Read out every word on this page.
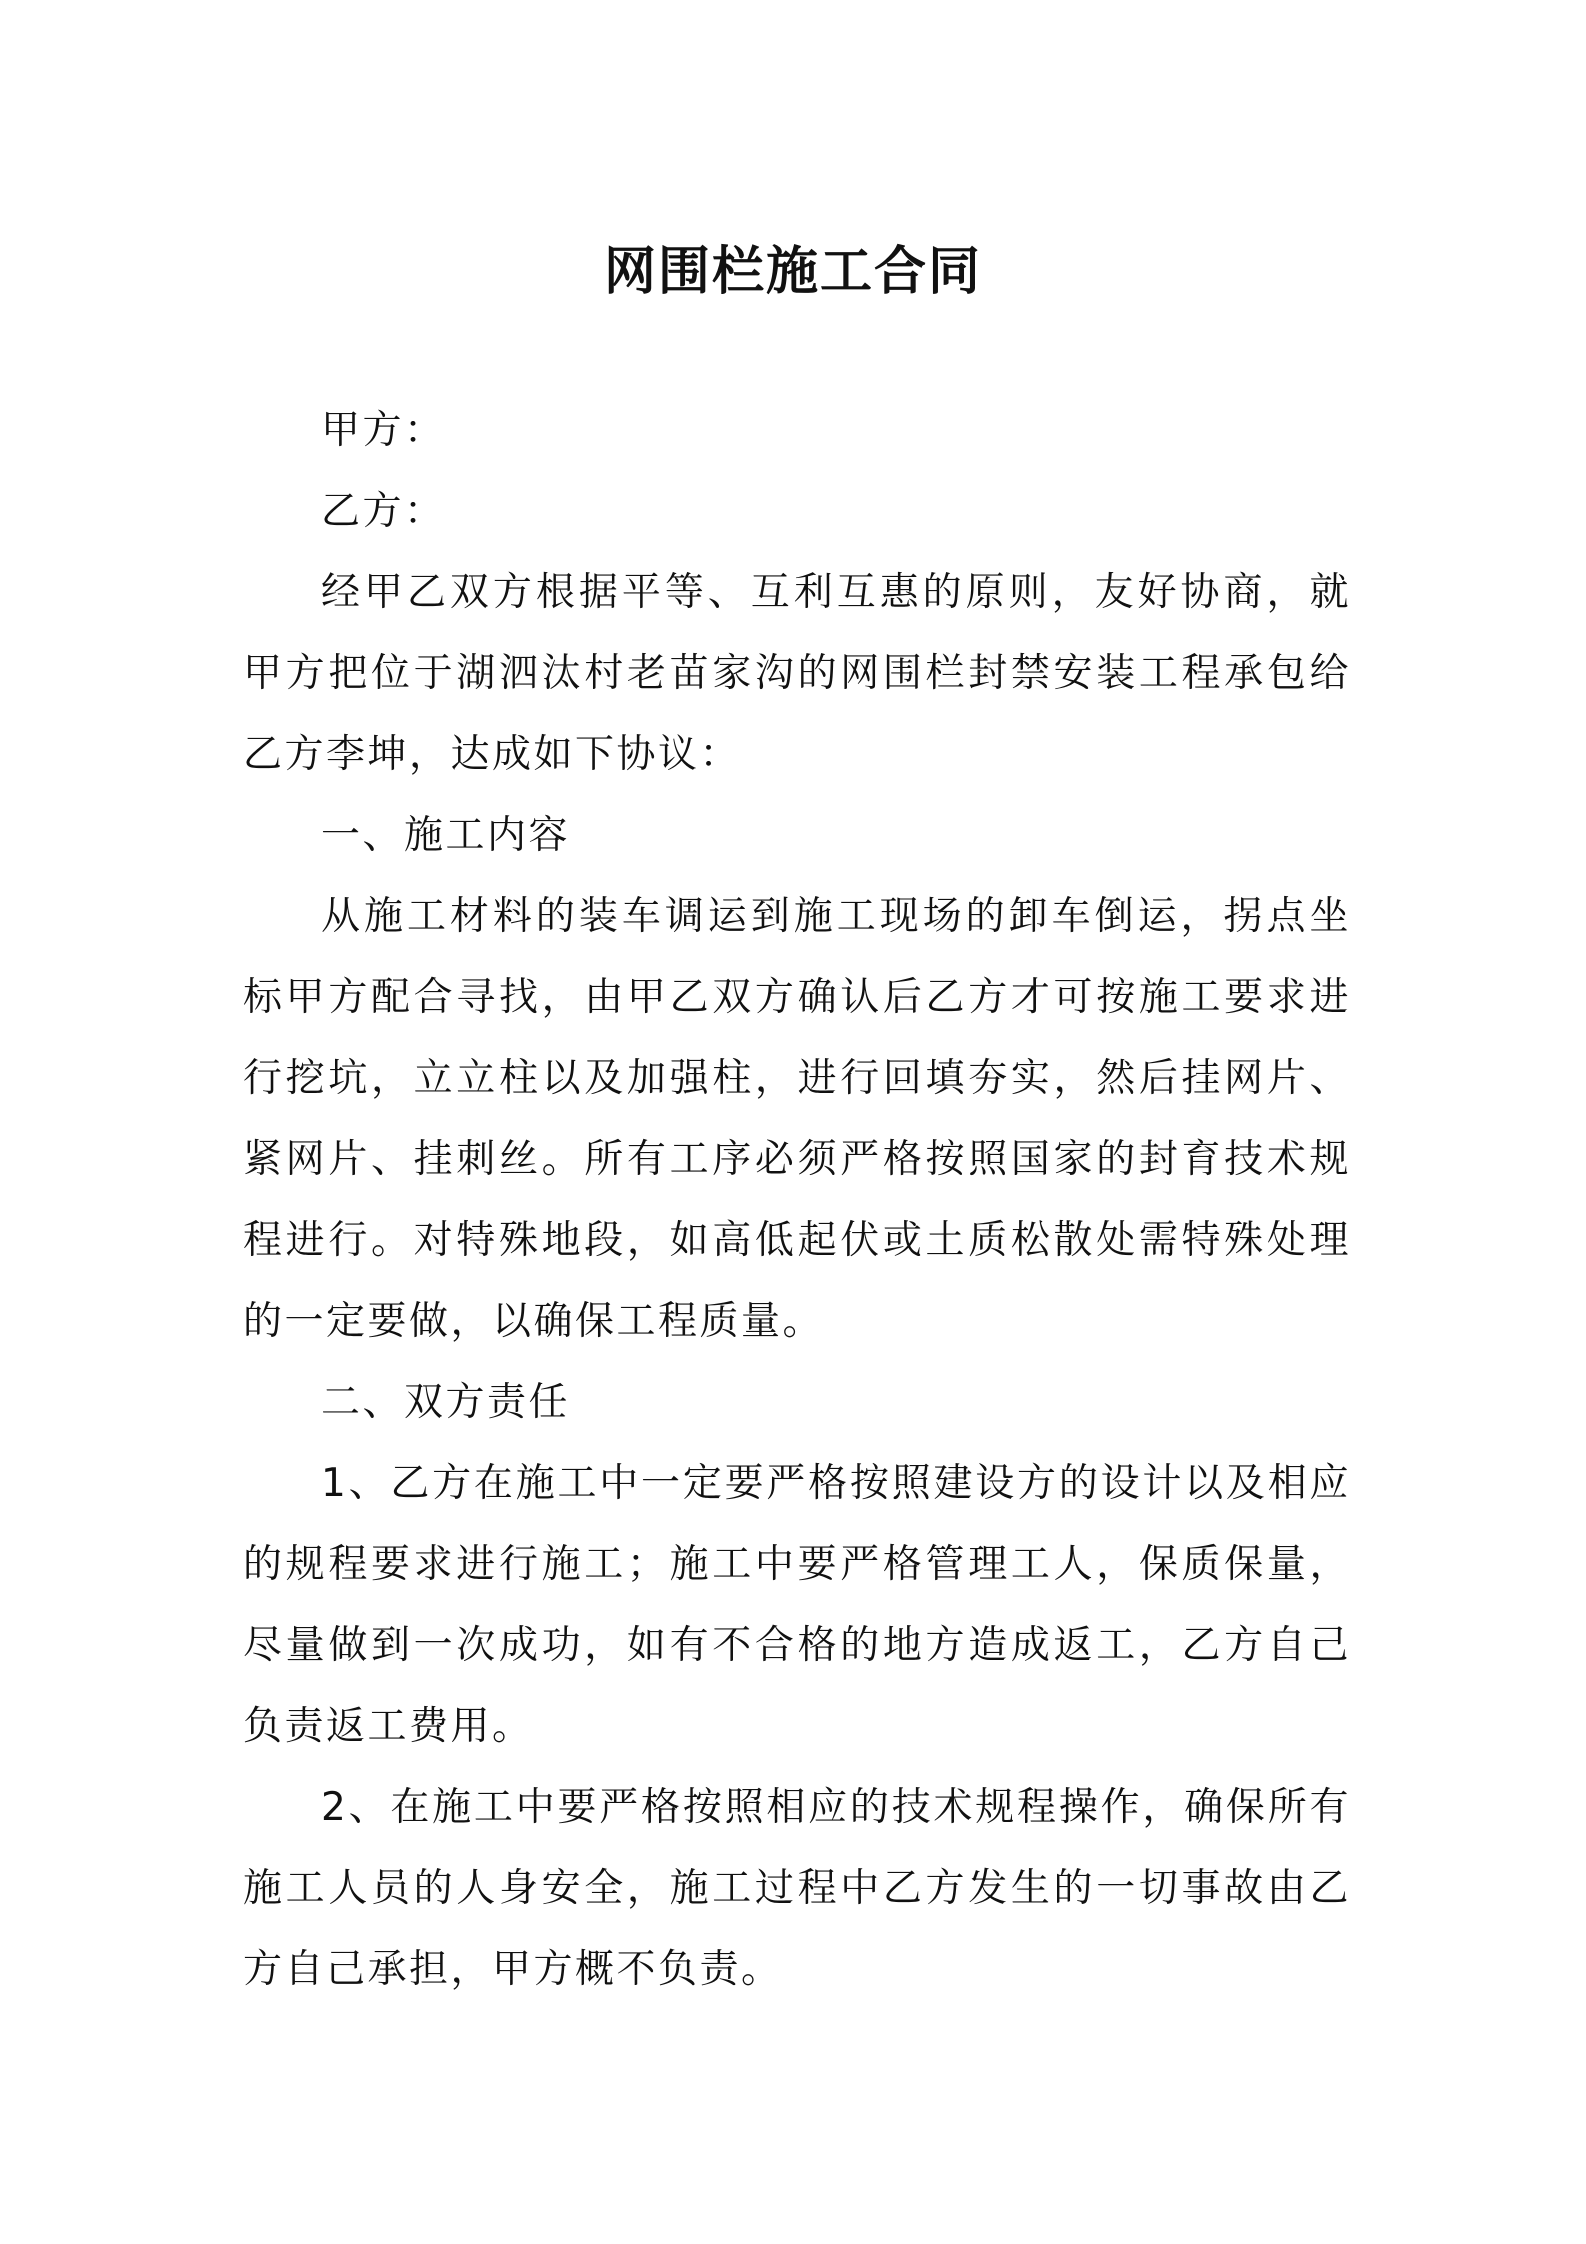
网围栏施工合同

甲方：

乙方：

经甲乙双方根据平等、互利互惠的原则，友好协商，就甲方把位于湖泗汰村老苗家沟的网围栏封禁安装工程承包给乙方李坤，达成如下协议：

一、施工内容

从施工材料的装车调运到施工现场的卸车倒运，拐点坐标甲方配合寻找，由甲乙双方确认后乙方才可按施工要求进行挖坑，立立柱以及加强柱，进行回填夯实，然后挂网片、紧网片、挂刺丝。所有工序必须严格按照国家的封育技术规程进行。对特殊地段，如高低起伏或土质松散处需特殊处理的一定要做，以确保工程质量。

二、双方责任

1、乙方在施工中一定要严格按照建设方的设计以及相应的规程要求进行施工；施工中要严格管理工人，保质保量，尽量做到一次成功，如有不合格的地方造成返工，乙方自己负责返工费用。

2、在施工中要严格按照相应的技术规程操作，确保所有施工人员的人身安全，施工过程中乙方发生的一切事故由乙方自己承担，甲方概不负责。
